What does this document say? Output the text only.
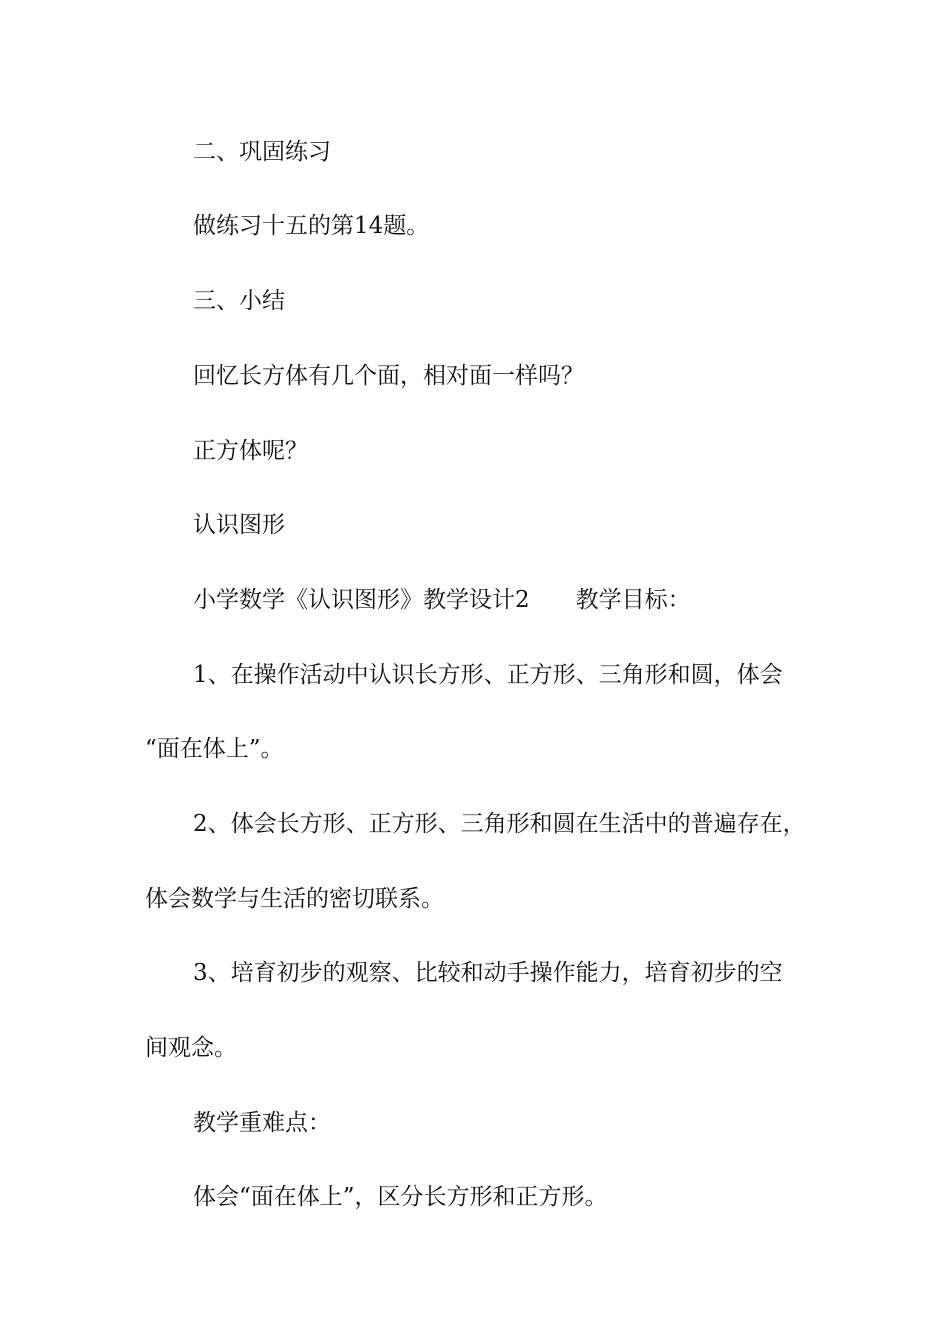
二、巩固练习
做练习十五的第14题。
三、小结
回忆长方体有几个面，相对面一样吗？
正方体呢？
认识图形
小学数学《认识图形》教学设计2 教学目标：
1、在操作活动中认识长方形、正方形、三角形和圆，体会
“面在体上”。
2、体会长方形、正方形、三角形和圆在生活中的普遍存在，
体会数学与生活的密切联系。
3、培育初步的观察、比较和动手操作能力，培育初步的空
间观念。
教学重难点：
体会“面在体上”，区分长方形和正方形。
